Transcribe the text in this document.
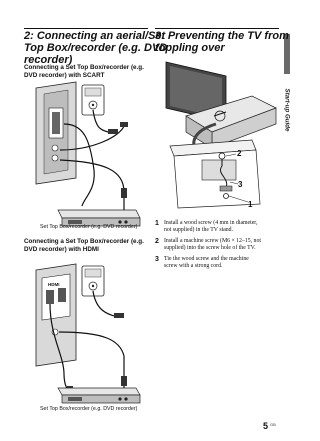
Start-up Guide
2: Connecting an aerial/Set
Top Box/recorder (e.g. DVD
recorder)
Connecting a Set Top Box/recorder (e.g.
DVD recorder) with SCART
Set Top Box/recorder (e.g. DVD recorder)
Connecting a Set Top Box/recorder (e.g.
DVD recorder) with HDMI
HDMI
Set Top Box/recorder (e.g. DVD recorder)
3: Preventing the TV from
toppling over
2
3
1
1 Install a wood screw (4 mm in diameter,
not supplied) in the TV stand.
2 Install a machine screw (M6 × 12–15, not
supplied) into the screw hole of the TV.
3 Tie the wood screw and the machine
screw with a strong cord.
5 GB
